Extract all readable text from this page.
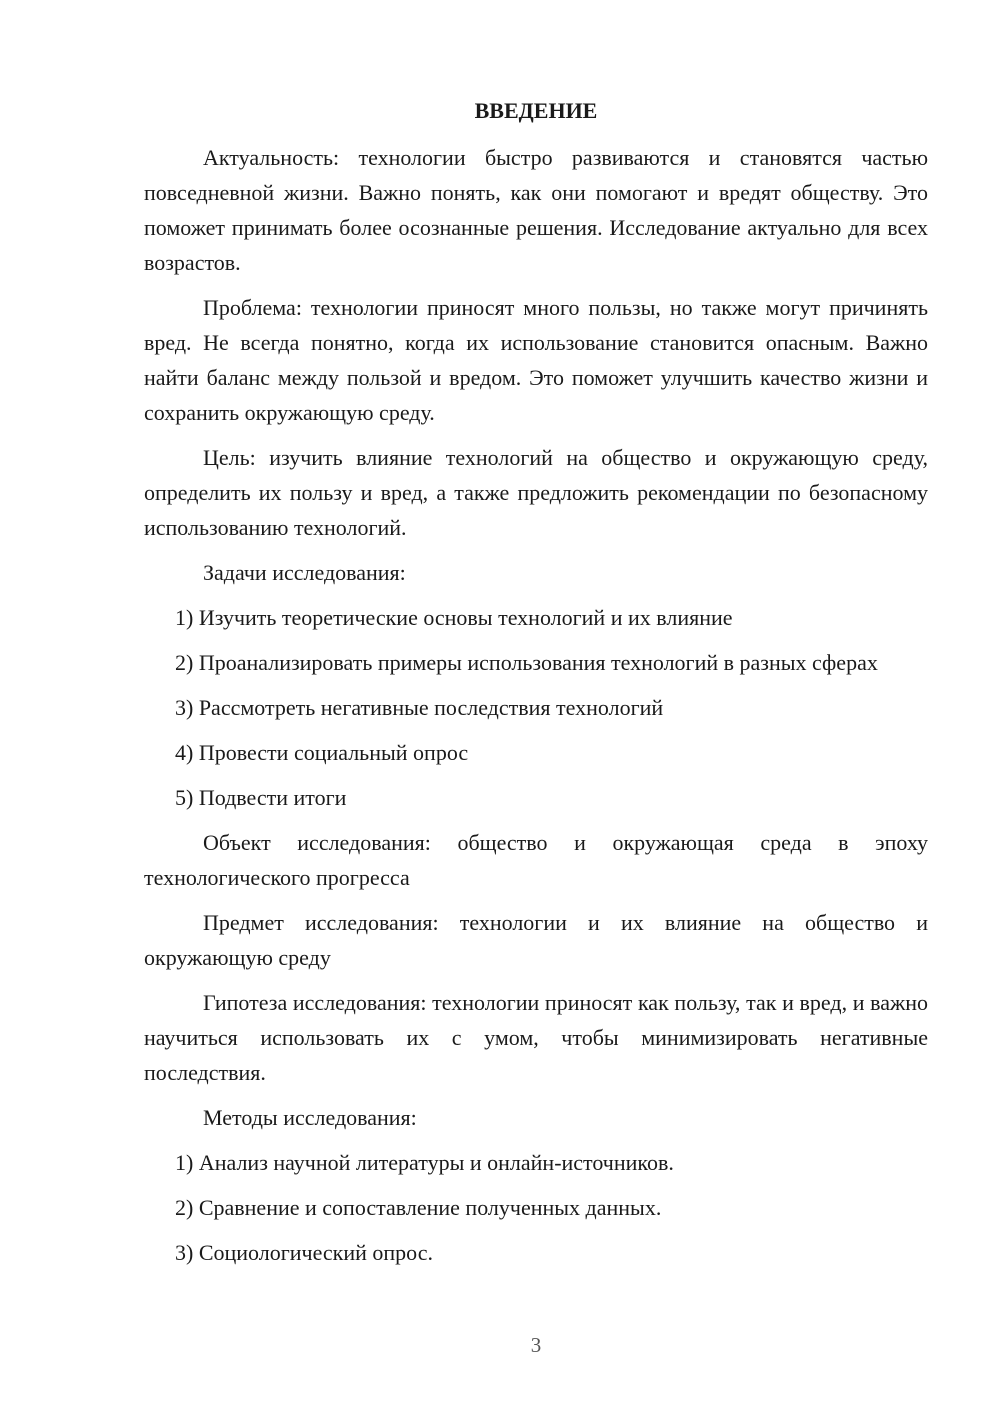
ВВЕДЕНИЕ

Актуальность: технологии быстро развиваются и становятся частью повседневной жизни. Важно понять, как они помогают и вредят обществу. Это поможет принимать более осознанные решения. Исследование актуально для всех возрастов.

Проблема: технологии приносят много пользы, но также могут причинять вред. Не всегда понятно, когда их использование становится опасным. Важно найти баланс между пользой и вредом. Это поможет улучшить качество жизни и сохранить окружающую среду.

Цель: изучить влияние технологий на общество и окружающую среду, определить их пользу и вред, а также предложить рекомендации по безопасному использованию технологий.

Задачи исследования:

1) Изучить теоретические основы технологий и их влияние

2) Проанализировать примеры использования технологий в разных сферах

3) Рассмотреть негативные последствия технологий

4) Провести социальный опрос

5) Подвести итоги

Объект исследования: общество и окружающая среда в эпоху технологического прогресса

Предмет исследования: технологии и их влияние на общество и окружающую среду

Гипотеза исследования: технологии приносят как пользу, так и вред, и важно научиться использовать их с умом, чтобы минимизировать негативные последствия.

Методы исследования:

1) Анализ научной литературы и онлайн-источников.

2) Сравнение и сопоставление полученных данных.

3) Социологический опрос.

3
